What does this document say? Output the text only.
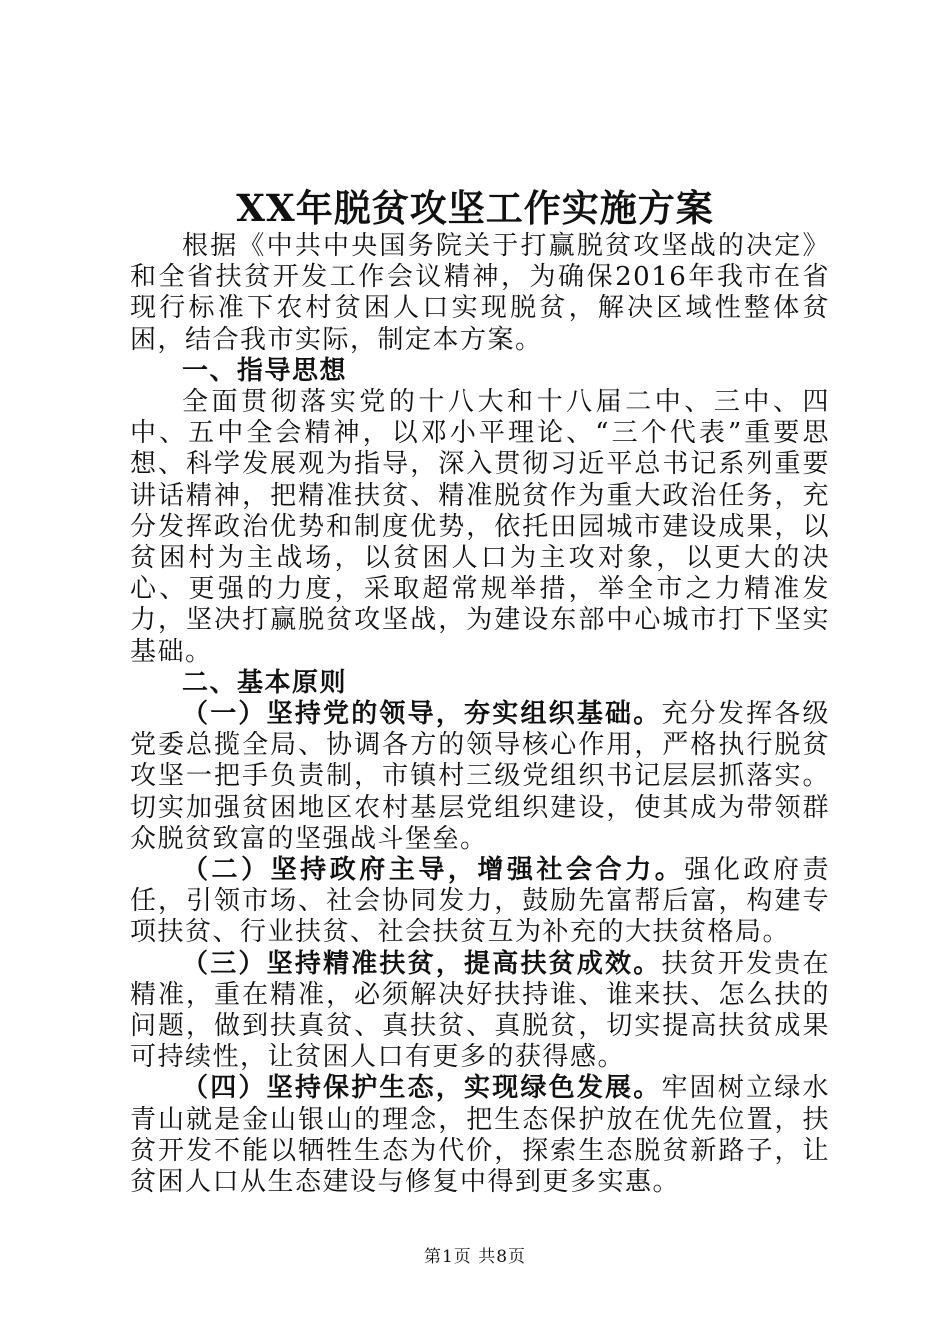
XX年脱贫攻坚工作实施方案

根据《中共中央国务院关于打赢脱贫攻坚战的决定》和全省扶贫开发工作会议精神，为确保2016年我市在省现行标准下农村贫困人口实现脱贫，解决区域性整体贫困，结合我市实际，制定本方案。

一、指导思想

全面贯彻落实党的十八大和十八届二中、三中、四中、五中全会精神，以邓小平理论、“三个代表”重要思想、科学发展观为指导，深入贯彻习近平总书记系列重要讲话精神，把精准扶贫、精准脱贫作为重大政治任务，充分发挥政治优势和制度优势，依托田园城市建设成果，以贫困村为主战场，以贫困人口为主攻对象，以更大的决心、更强的力度，采取超常规举措，举全市之力精准发力，坚决打赢脱贫攻坚战，为建设东部中心城市打下坚实基础。

二、基本原则

（一）坚持党的领导，夯实组织基础。充分发挥各级党委总揽全局、协调各方的领导核心作用，严格执行脱贫攻坚一把手负责制，市镇村三级党组织书记层层抓落实。切实加强贫困地区农村基层党组织建设，使其成为带领群众脱贫致富的坚强战斗堡垒。

（二）坚持政府主导，增强社会合力。强化政府责任，引领市场、社会协同发力，鼓励先富帮后富，构建专项扶贫、行业扶贫、社会扶贫互为补充的大扶贫格局。

（三）坚持精准扶贫，提高扶贫成效。扶贫开发贵在精准，重在精准，必须解决好扶持谁、谁来扶、怎么扶的问题，做到扶真贫、真扶贫、真脱贫，切实提高扶贫成果可持续性，让贫困人口有更多的获得感。

（四）坚持保护生态，实现绿色发展。牢固树立绿水青山就是金山银山的理念，把生态保护放在优先位置，扶贫开发不能以牺牲生态为代价，探索生态脱贫新路子，让贫困人口从生态建设与修复中得到更多实惠。

第1页 共8页
